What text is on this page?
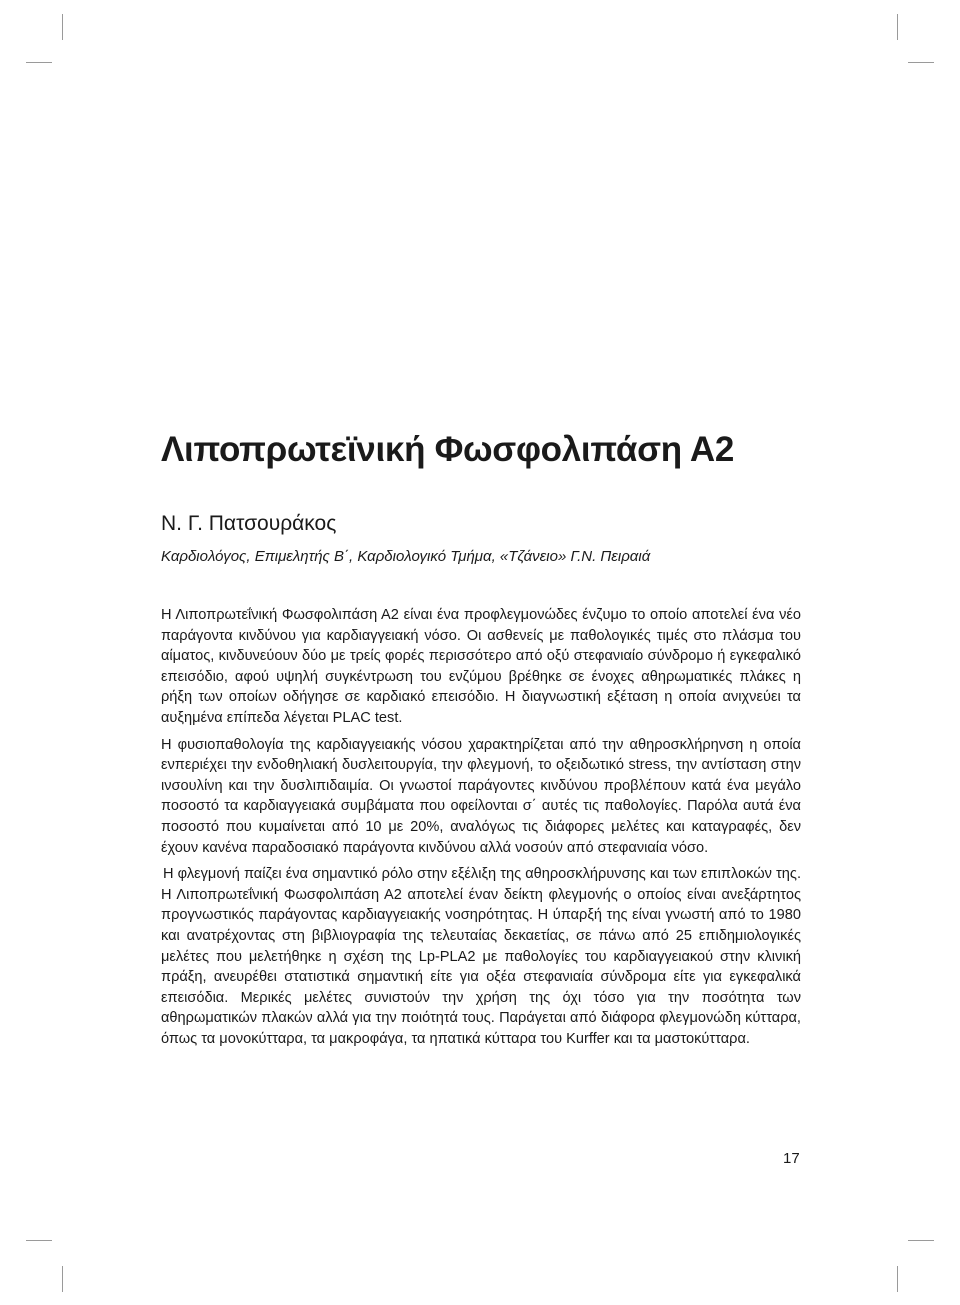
Λιποπρωτεϊνική Φωσφολιπάση Α2
Ν. Γ. Πατσουράκος
Καρδιολόγος, Επιμελητής Β΄, Καρδιολογικό Τμήμα, «Τζάνειο» Γ.Ν. Πειραιά

Η Λιποπρωτεΐνική Φωσφολιπάση Α2 είναι ένα προφλεγμονώδες ένζυμο το οποίο αποτελεί ένα νέο παράγοντα κινδύνου για καρδιαγγειακή νόσο. Οι ασθενείς με παθολογικές τιμές στο πλάσμα του αίματος, κινδυνεύουν δύο με τρείς φορές περισσότερο από οξύ στεφανιαίο σύνδρομο ή εγκεφαλικό επεισόδιο, αφού υψηλή συγκέντρωση του ενζύμου βρέθηκε σε ένοχες αθηρωματικές πλάκες η ρήξη των οποίων οδήγησε σε καρδιακό επεισόδιο. Η διαγνωστική εξέταση η οποία ανιχνεύει τα αυξημένα επίπεδα λέγεται PLAC test.

Η φυσιοπαθολογία της καρδιαγγειακής νόσου χαρακτηρίζεται από την αθηροσκλήρηνση η οποία ενπεριέχει την ενδοθηλιακή δυσλειτουργία, την φλεγμονή, το οξειδωτικό stress, την αντίσταση στην ινσουλίνη και την δυσλιπιδαιμία. Οι γνωστοί παράγοντες κινδύνου προβλέπουν κατά ένα μεγάλο ποσοστό τα καρδιαγγειακά συμβάματα που οφείλονται σ΄ αυτές τις παθολογίες. Παρόλα αυτά ένα ποσοστό που κυμαίνεται από 10 με 20%, αναλόγως τις διάφορες μελέτες και καταγραφές, δεν έχουν κανένα παραδοσιακό παράγοντα κινδύνου αλλά νοσούν από στεφανιαία νόσο.

Η φλεγμονή παίζει ένα σημαντικό ρόλο στην εξέλιξη της αθηροσκλήρυνσης και των επιπλοκών της. Η Λιποπρωτεΐνική Φωσφολιπάση Α2 αποτελεί έναν δείκτη φλεγμονής ο οποίος είναι ανεξάρτητος προγνωστικός παράγοντας καρδιαγγειακής νοσηρότητας. Η ύπαρξή της είναι γνωστή από το 1980 και ανατρέχοντας στη βιβλιογραφία της τελευταίας δεκαετίας, σε πάνω από 25 επιδημιολογικές μελέτες που μελετήθηκε η σχέση της Lp-PLA2 με παθολογίες του καρδιαγγειακού στην κλινική πράξη, ανευρέθει στατιστικά σημαντική είτε για οξέα στεφανιαία σύνδρομα είτε για εγκεφαλικά επεισόδια. Μερικές μελέτες συνιστούν την χρήση της όχι τόσο για την ποσότητα των αθηρωματικών πλακών αλλά για την ποιότητά τους. Παράγεται από διάφορα φλεγμονώδη κύτταρα, όπως τα μονοκύτταρα, τα μακροφάγα, τα ηπατικά κύτταρα του Kurffer και τα μαστοκύτταρα.

17
